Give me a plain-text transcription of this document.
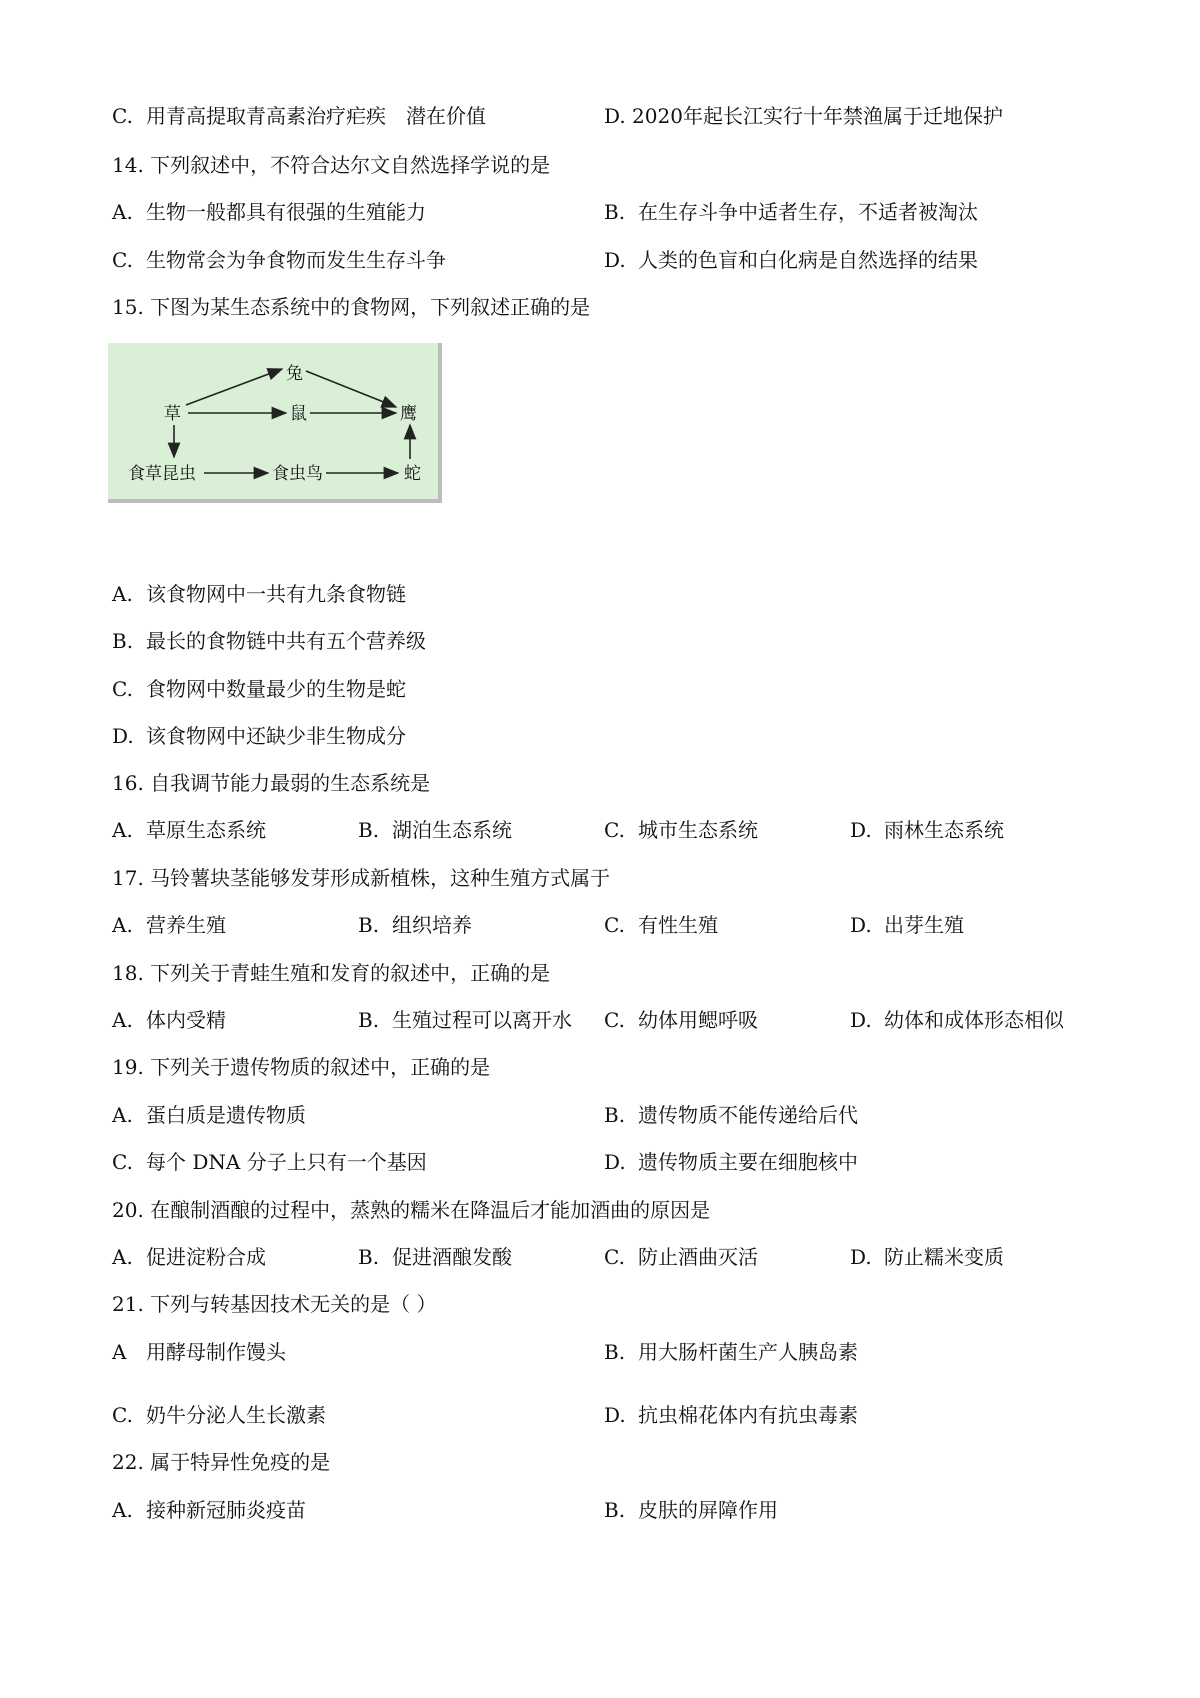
C. 用青高提取青高素治疗疟疾　潜在价值	D. 2020年起长江实行十年禁渔属于迁地保护
14. 下列叙述中，不符合达尔文自然选择学说的是
A. 生物一般都具有很强的生殖能力	B. 在生存斗争中适者生存，不适者被淘汰
C. 生物常会为争食物而发生生存斗争	D. 人类的色盲和白化病是自然选择的结果
15. 下图为某生态系统中的食物网，下列叙述正确的是
草
兔
鼠	鹰
食草昆虫	食虫鸟	蛇
A. 该食物网中一共有九条食物链
B. 最长的食物链中共有五个营养级
C. 食物网中数量最少的生物是蛇
D. 该食物网中还缺少非生物成分
16. 自我调节能力最弱的生态系统是
A. 草原生态系统	B. 湖泊生态系统	C. 城市生态系统	D. 雨林生态系统
17. 马铃薯块茎能够发芽形成新植株，这种生殖方式属于
A. 营养生殖	B. 组织培养	C. 有性生殖	D. 出芽生殖
18. 下列关于青蛙生殖和发育的叙述中，正确的是
A. 体内受精	B. 生殖过程可以离开水 C. 幼体用鳃呼吸	D. 幼体和成体形态相似
19. 下列关于遗传物质的叙述中，正确的是
A. 蛋白质是遗传物质	B. 遗传物质不能传递给后代
C. 每个 DNA 分子上只有一个基因	D. 遗传物质主要在细胞核中
20. 在酿制酒酿的过程中，蒸熟的糯米在降温后才能加酒曲的原因是
A. 促进淀粉合成	B. 促进酒酿发酸	C. 防止酒曲灭活	D. 防止糯米变质
21. 下列与转基因技术无关的是（ ）
A 用酵母制作馒头	B. 用大肠杆菌生产人胰岛素
C. 奶牛分泌人生长激素	D. 抗虫棉花体内有抗虫毒素
22. 属于特异性免疫的是
A. 接种新冠肺炎疫苗	B. 皮肤的屏障作用
